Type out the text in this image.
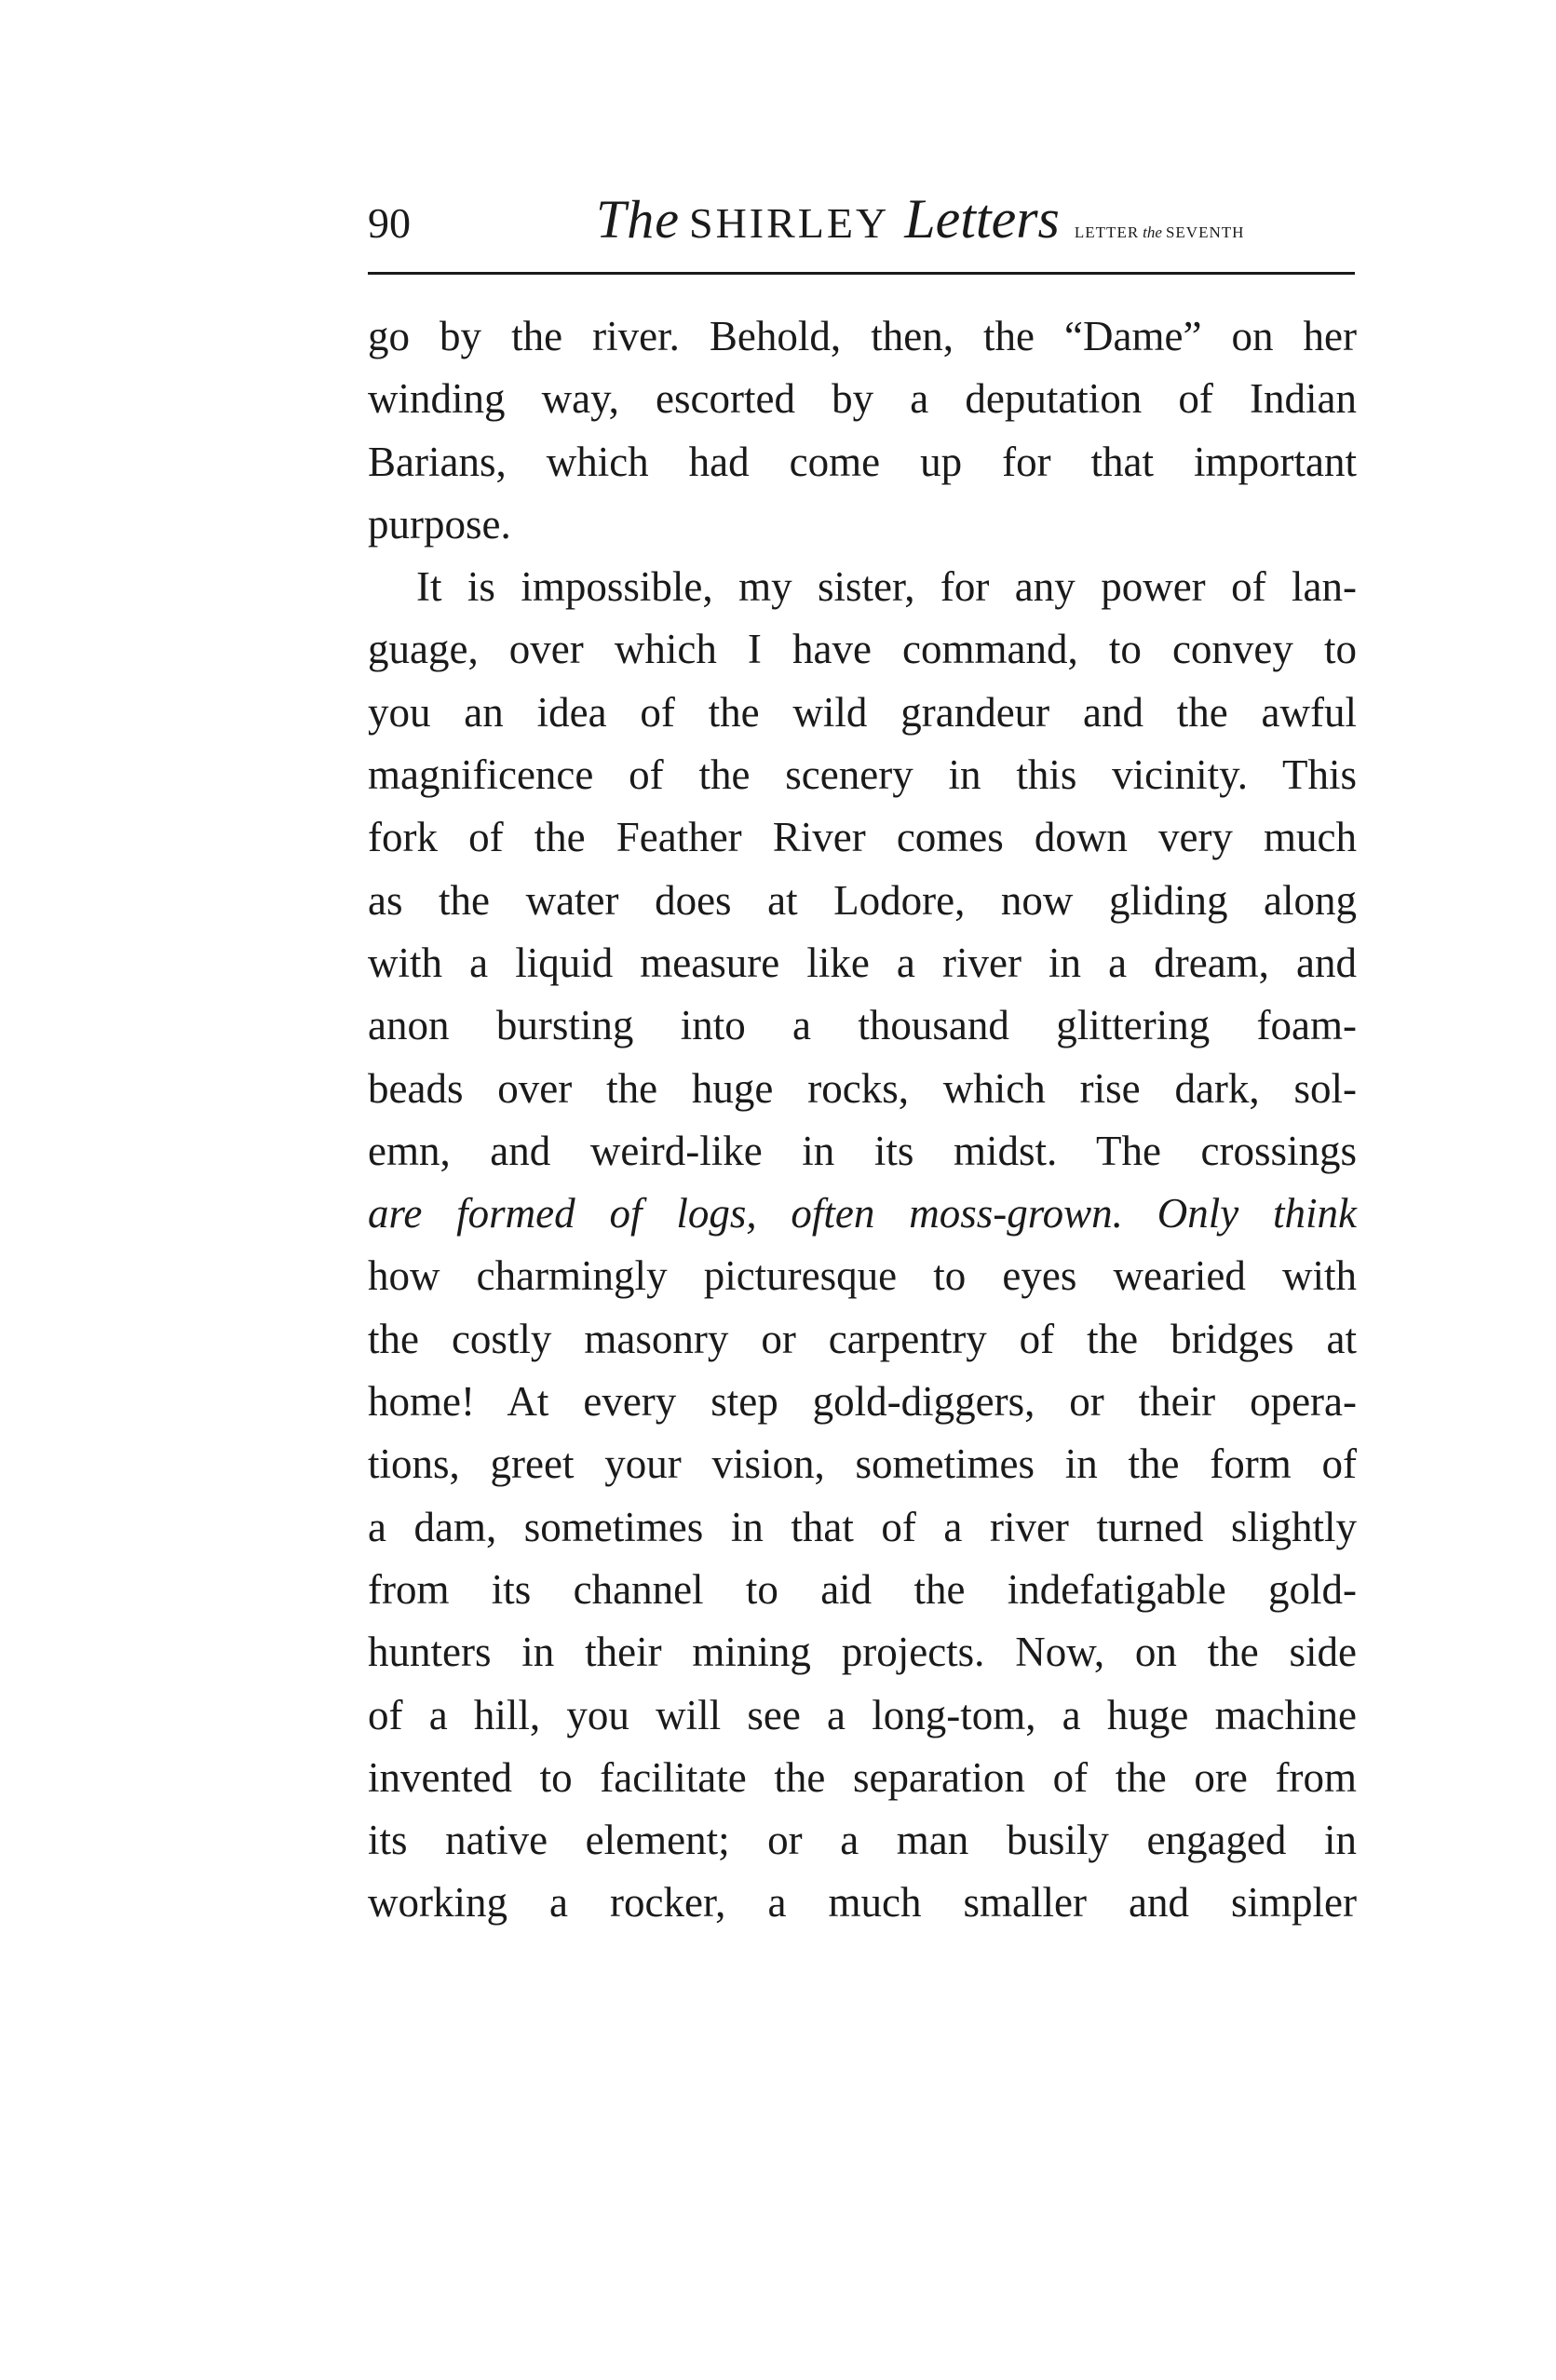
90	The SHIRLEY Letters LETTER the SEVENTH
go by the river. Behold, then, the “Dame” on her
winding way, escorted by a deputation of Indian
Barians, which had come up for that important
purpose.
It is impossible, my sister, for any power of lan-
guage, over which I have command, to convey to
you an idea of the wild grandeur and the awful
magnificence of the scenery in this vicinity. This
fork of the Feather River comes down very much
as the water does at Lodore, now gliding along
with a liquid measure like a river in a dream, and
anon bursting into a thousand glittering foam-
beads over the huge rocks, which rise dark, sol-
emn, and weird-like in its midst. The crossings
are formed of logs, often moss-grown. Only think
how charmingly picturesque to eyes wearied with
the costly masonry or carpentry of the bridges at
home! At every step gold-diggers, or their opera-
tions, greet your vision, sometimes in the form of
a dam, sometimes in that of a river turned slightly
from its channel to aid the indefatigable gold-
hunters in their mining projects. Now, on the side
of a hill, you will see a long-tom, a huge machine
invented to facilitate the separation of the ore from
its native element; or a man busily engaged in
working a rocker, a much smaller and simpler
